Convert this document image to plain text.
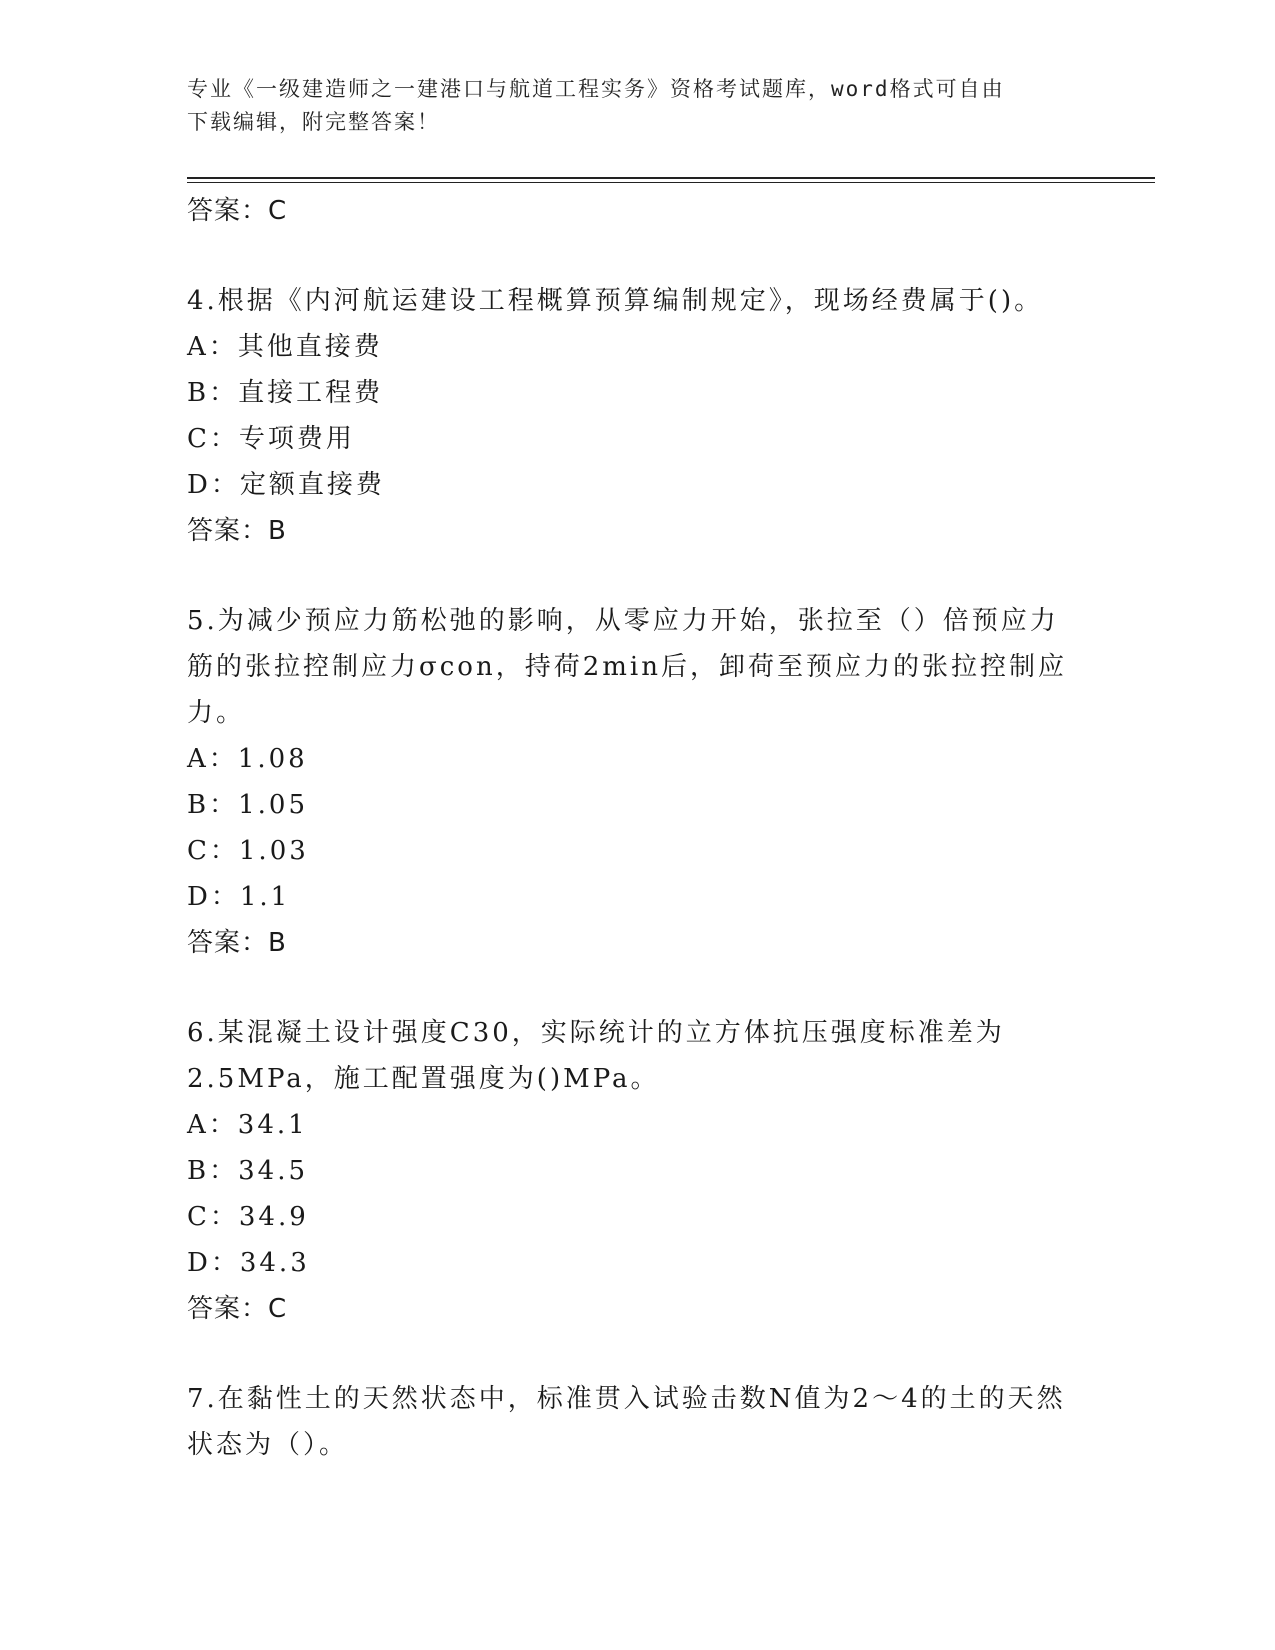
专业《一级建造师之一建港口与航道工程实务》资格考试题库，word格式可自由
下载编辑，附完整答案！
答案：C
4.根据《内河航运建设工程概算预算编制规定》，现场经费属于()。
A：其他直接费
B：直接工程费
C：专项费用
D：定额直接费
答案：B
5.为减少预应力筋松弛的影响，从零应力开始，张拉至（）倍预应力筋的张拉控制应力σcon，持荷2min后，卸荷至预应力的张拉控制应力。
A：1.08
B：1.05
C：1.03
D：1.1
答案：B
6.某混凝土设计强度C30，实际统计的立方体抗压强度标准差为2.5MPa，施工配置强度为()MPa。
A：34.1
B：34.5
C：34.9
D：34.3
答案：C
7.在黏性土的天然状态中，标准贯入试验击数N值为2～4的土的天然状态为（）。
